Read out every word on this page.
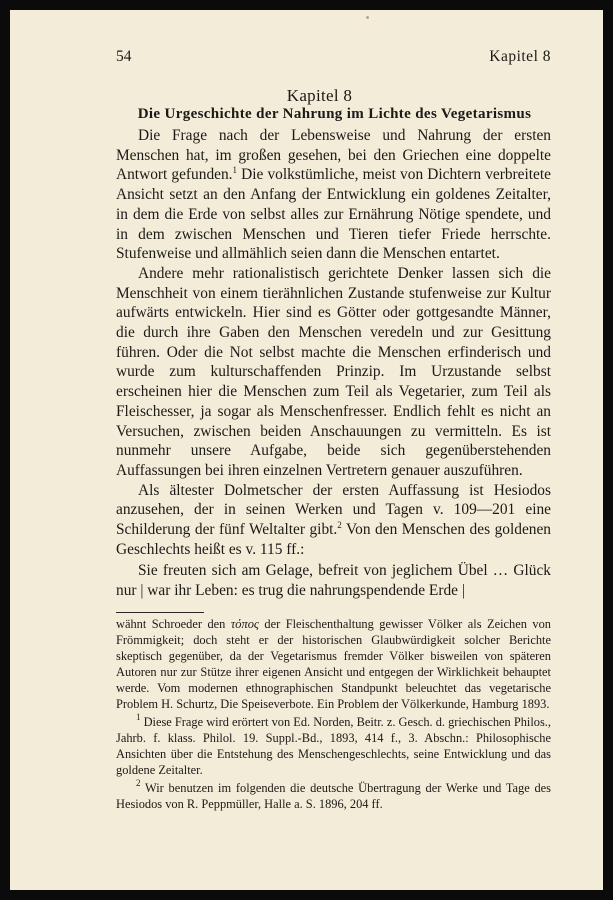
54	Kapitel 8
Kapitel 8
Die Urgeschichte der Nahrung im Lichte des Vegetarismus

Die Frage nach der Lebensweise und Nahrung der ersten Menschen hat, im großen gesehen, bei den Griechen eine doppelte Antwort gefunden.$^1$ Die volkstümliche, meist von Dichtern verbreitete Ansicht setzt an den Anfang der Entwicklung ein goldenes Zeitalter, in dem die Erde von selbst alles zur Ernährung Nötige spendete, und in dem zwischen Menschen und Tieren tiefer Friede herrschte. Stufenweise und allmählich seien dann die Menschen entartet.

Andere mehr rationalistisch gerichtete Denker lassen sich die Menschheit von einem tierähnlichen Zustande stufenweise zur Kultur aufwärts entwickeln. Hier sind es Götter oder gottgesandte Männer, die durch ihre Gaben den Menschen veredeln und zur Gesittung führen. Oder die Not selbst machte die Menschen erfinderisch und wurde zum kulturschaffenden Prinzip. Im Urzustande selbst erscheinen hier die Menschen zum Teil als Vegetarier, zum Teil als Fleischesser, ja sogar als Menschenfresser. Endlich fehlt es nicht an Versuchen, zwischen beiden Anschauungen zu vermitteln. Es ist nunmehr unsere Aufgabe, beide sich gegenüberstehenden Auffassungen bei ihren einzelnen Vertretern genauer auszuführen.

Als ältester Dolmetscher der ersten Auffassung ist Hesiodos anzusehen, der in seinen Werken und Tagen v. 109—201 eine Schilderung der fünf Weltalter gibt.$^2$ Von den Menschen des goldenen Geschlechts heißt es v. 115 ff.:

Sie freuten sich am Gelage, befreit von jeglichem Übel … Glück nur | war ihr Leben: es trug die nahrungspendende Erde |

wähnt Schroeder den τόπος der Fleischenthaltung gewisser Völker als Zeichen von Frömmigkeit; doch steht er der historischen Glaubwürdigkeit solcher Berichte skeptisch gegenüber, da der Vegetarismus fremder Völker bisweilen von späteren Autoren nur zur Stütze ihrer eigenen Ansicht und entgegen der Wirklichkeit behauptet werde. Vom modernen ethnographischen Standpunkt beleuchtet das vegetarische Problem H. Schurtz, Die Speiseverbote. Ein Problem der Völkerkunde, Hamburg 1893.

$^1$ Diese Frage wird erörtert von Ed. Norden, Beitr. z. Gesch. d. griechischen Philos., Jahrb. f. klass. Philol. 19. Suppl.-Bd., 1893, 414 f., 3. Abschn.: Philosophische Ansichten über die Entstehung des Menschengeschlechts, seine Entwicklung und das goldene Zeitalter.

$^2$ Wir benutzen im folgenden die deutsche Übertragung der Werke und Tage des Hesiodos von R. Peppmüller, Halle a. S. 1896, 204 ff.
